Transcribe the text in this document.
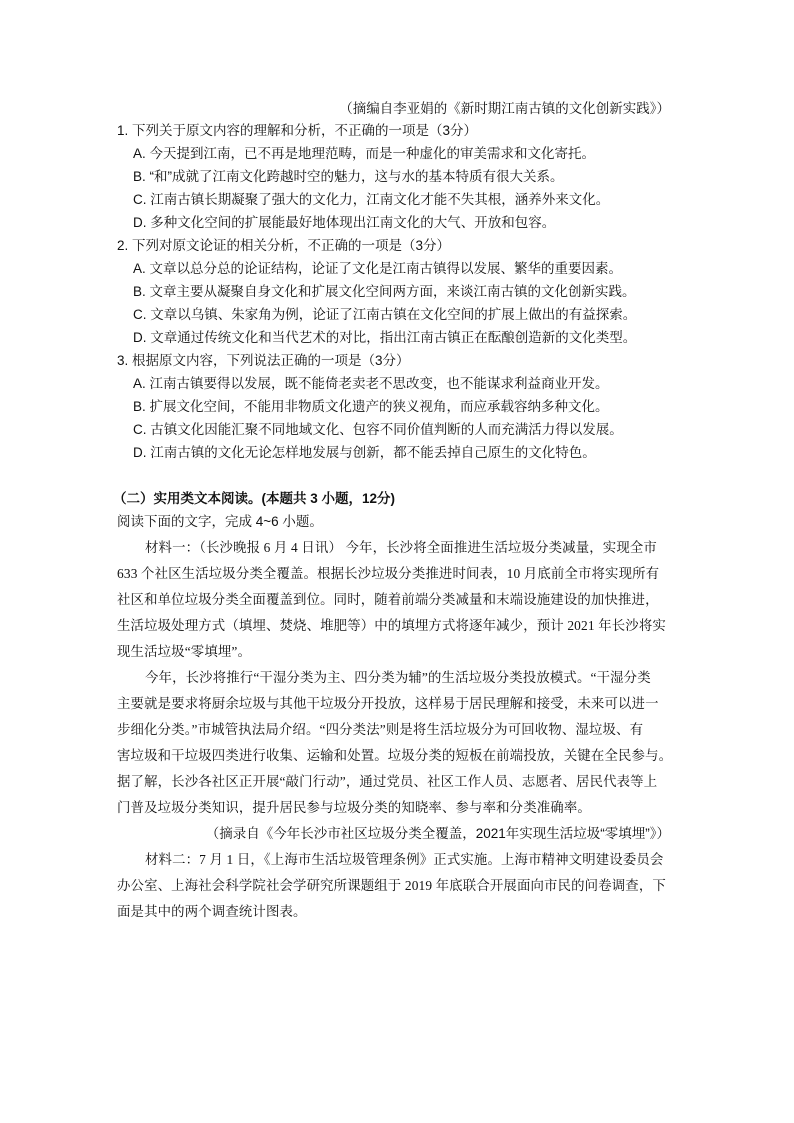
（摘编自李亚娟的《新时期江南古镇的文化创新实践》）
1. 下列关于原文内容的理解和分析，不正确的一项是（3分）
A. 今天提到江南，已不再是地理范畴，而是一种虚化的审美需求和文化寄托。
B. “和”成就了江南文化跨越时空的魅力，这与水的基本特质有很大关系。
C. 江南古镇长期凝聚了强大的文化力，江南文化才能不失其根，涵养外来文化。
D. 多种文化空间的扩展能最好地体现出江南文化的大气、开放和包容。
2. 下列对原文论证的相关分析，不正确的一项是（3分）
A. 文章以总分总的论证结构，论证了文化是江南古镇得以发展、繁华的重要因素。
B. 文章主要从凝聚自身文化和扩展文化空间两方面，来谈江南古镇的文化创新实践。
C. 文章以乌镇、朱家角为例，论证了江南古镇在文化空间的扩展上做出的有益探索。
D. 文章通过传统文化和当代艺术的对比，指出江南古镇正在酝酿创造新的文化类型。
3. 根据原文内容，下列说法正确的一项是（3分）
A. 江南古镇要得以发展，既不能倚老卖老不思改变，也不能谋求利益商业开发。
B. 扩展文化空间，不能用非物质文化遗产的狭义视角，而应承载容纳多种文化。
C. 古镇文化因能汇聚不同地域文化、包容不同价值判断的人而充满活力得以发展。
D. 江南古镇的文化无论怎样地发展与创新，都不能丢掉自己原生的文化特色。
（二）实用类文本阅读。(本题共 3 小题，12分)
阅读下面的文字，完成 4~6 小题。
材料一：（长沙晚报 6 月 4 日讯） 今年，长沙将全面推进生活垃圾分类减量，实现全市
633 个社区生活垃圾分类全覆盖。根据长沙垃圾分类推进时间表，10 月底前全市将实现所有
社区和单位垃圾分类全面覆盖到位。同时，随着前端分类减量和末端设施建设的加快推进，
生活垃圾处理方式（填埋、焚烧、堆肥等）中的填埋方式将逐年减少，预计 2021 年长沙将实
现生活垃圾“零填埋”。
今年，长沙将推行“干湿分类为主、四分类为辅”的生活垃圾分类投放模式。“干湿分类
主要就是要求将厨余垃圾与其他干垃圾分开投放，这样易于居民理解和接受，未来可以进一
步细化分类。”市城管执法局介绍。“四分类法”则是将生活垃圾分为可回收物、湿垃圾、有
害垃圾和干垃圾四类进行收集、运输和处置。垃圾分类的短板在前端投放，关键在全民参与。
据了解，长沙各社区正开展“敲门行动”，通过党员、社区工作人员、志愿者、居民代表等上
门普及垃圾分类知识，提升居民参与垃圾分类的知晓率、参与率和分类准确率。
（摘录自《今年长沙市社区垃圾分类全覆盖，2021年实现生活垃圾“零填埋”》）
材料二：7 月 1 日，《上海市生活垃圾管理条例》正式实施。上海市精神文明建设委员会
办公室、上海社会科学院社会学研究所课题组于 2019 年底联合开展面向市民的问卷调查，下
面是其中的两个调查统计图表。
